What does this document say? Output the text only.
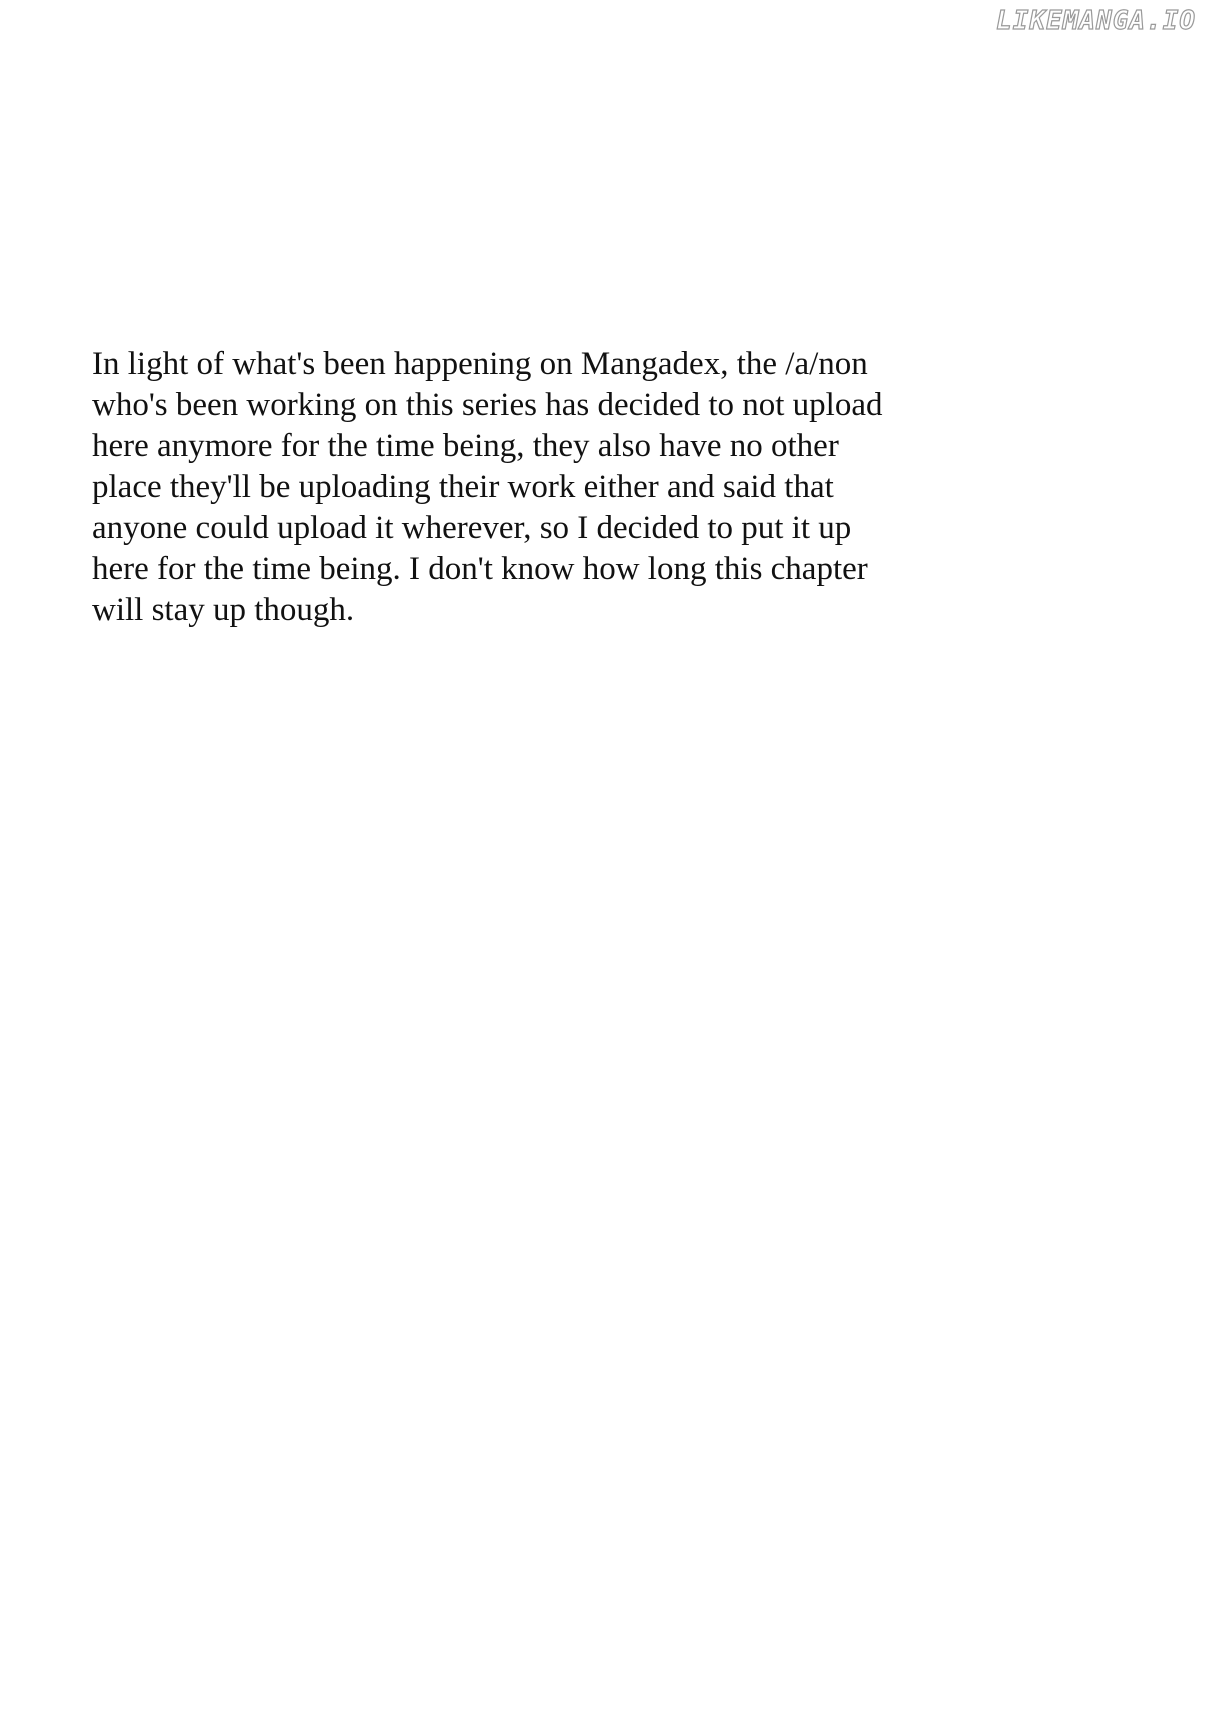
LIKEMANGA.IO
In light of what's been happening on Mangadex, the /a/non
who's been working on this series has decided to not upload
here anymore for the time being, they also have no other
place they'll be uploading their work either and said that
anyone could upload it wherever, so I decided to put it up
here for the time being. I don't know how long this chapter
will stay up though.
